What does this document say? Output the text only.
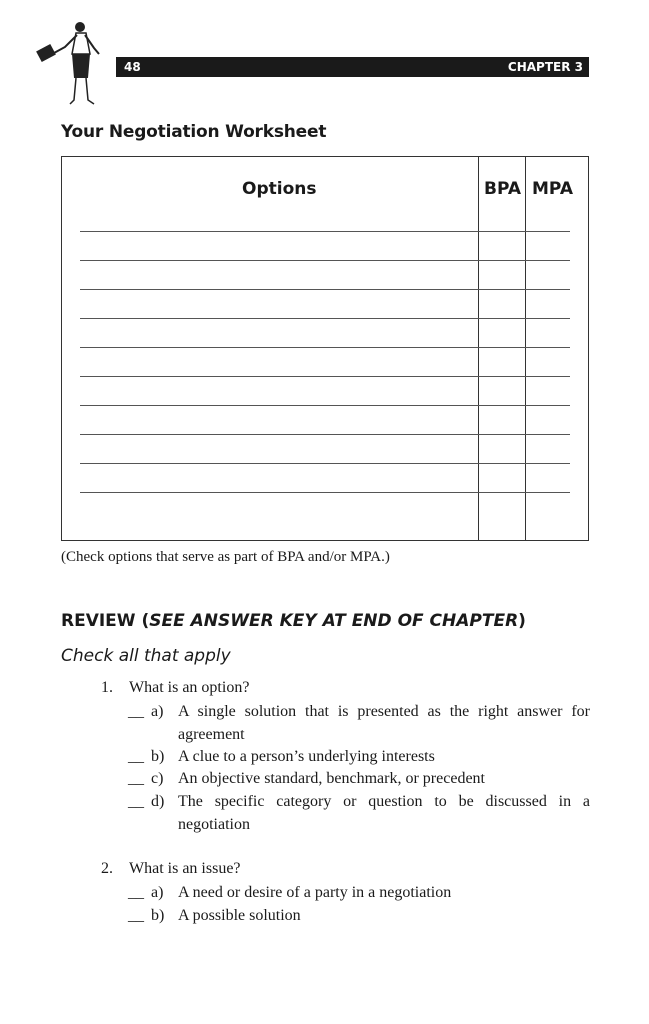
48	CHAPTER 3
Your Negotiation Worksheet
Options	BPA MPA
(Check options that serve as part of BPA and/or MPA.)
REVIEW (SEE ANSWER KEY AT END OF CHAPTER)
Check all that apply
1. What is an option?
__ a) A single solution that is presented as the right answer for agreement
__ b) A clue to a person’s underlying interests
__ c) An objective standard, benchmark, or precedent
__ d) The specific category or question to be discussed in a negotiation
2. What is an issue?
__ a) A need or desire of a party in a negotiation
__ b) A possible solution
